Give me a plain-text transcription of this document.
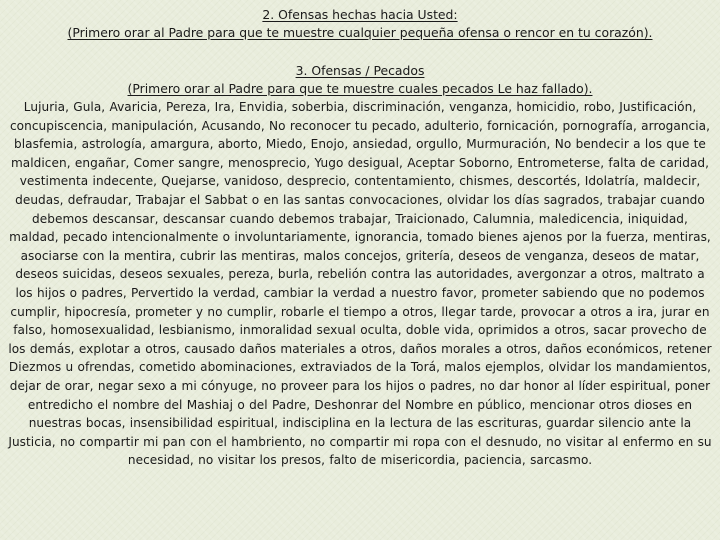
2. Ofensas hechas hacia Usted:

(Primero orar al Padre para que te muestre cualquier pequeña ofensa o rencor en tu corazón).

3. Ofensas / Pecados

(Primero orar al Padre para que te muestre cuales pecados Le haz fallado).

Lujuria, Gula, Avaricia, Pereza, Ira, Envidia, soberbia, discriminación, venganza, homicidio, robo, Justificación, concupiscencia, manipulación, Acusando, No reconocer tu pecado, adulterio, fornicación, pornografía, arrogancia, blasfemia, astrología, amargura, aborto, Miedo, Enojo, ansiedad, orgullo, Murmuración, No bendecir a los que te maldicen, engañar, Comer sangre, menosprecio, Yugo desigual, Aceptar Soborno, Entrometerse, falta de caridad, vestimenta indecente, Quejarse, vanidoso, desprecio, contentamiento, chismes, descortés, Idolatría, maldecir, deudas, defraudar, Trabajar el Sabbat o en las santas convocaciones, olvidar los días sagrados, trabajar cuando debemos descansar, descansar cuando debemos trabajar, Traicionado, Calumnia, maledicencia, iniquidad, maldad, pecado intencionalmente o involuntariamente, ignorancia, tomado bienes ajenos por la fuerza, mentiras, asociarse con la mentira, cubrir las mentiras, malos concejos, gritería, deseos de venganza, deseos de matar, deseos suicidas, deseos sexuales, pereza, burla, rebelión contra las autoridades, avergonzar a otros, maltrato a los hijos o padres, Pervertido la verdad, cambiar la verdad a nuestro favor, prometer sabiendo que no podemos cumplir, hipocresía, prometer y no cumplir, robarle el tiempo a otros, llegar tarde, provocar a otros a ira, jurar en falso, homosexualidad, lesbianismo, inmoralidad sexual oculta, doble vida, oprimidos a otros, sacar provecho de los demás, explotar a otros, causado daños materiales a otros, daños morales a otros, daños económicos, retener Diezmos u ofrendas, cometido abominaciones, extraviados de la Torá, malos ejemplos, olvidar los mandamientos, dejar de orar, negar sexo a mi cónyuge, no proveer para los hijos o padres, no dar honor al líder espiritual, poner entredicho el nombre del Mashiaj o del Padre, Deshonrar del Nombre en público, mencionar otros dioses en nuestras bocas, insensibilidad espiritual, indisciplina en la lectura de las escrituras, guardar silencio ante la Justicia, no compartir mi pan con el hambriento, no compartir mi ropa con el desnudo, no visitar al enfermo en su necesidad, no visitar los presos, falto de misericordia, paciencia, sarcasmo.
